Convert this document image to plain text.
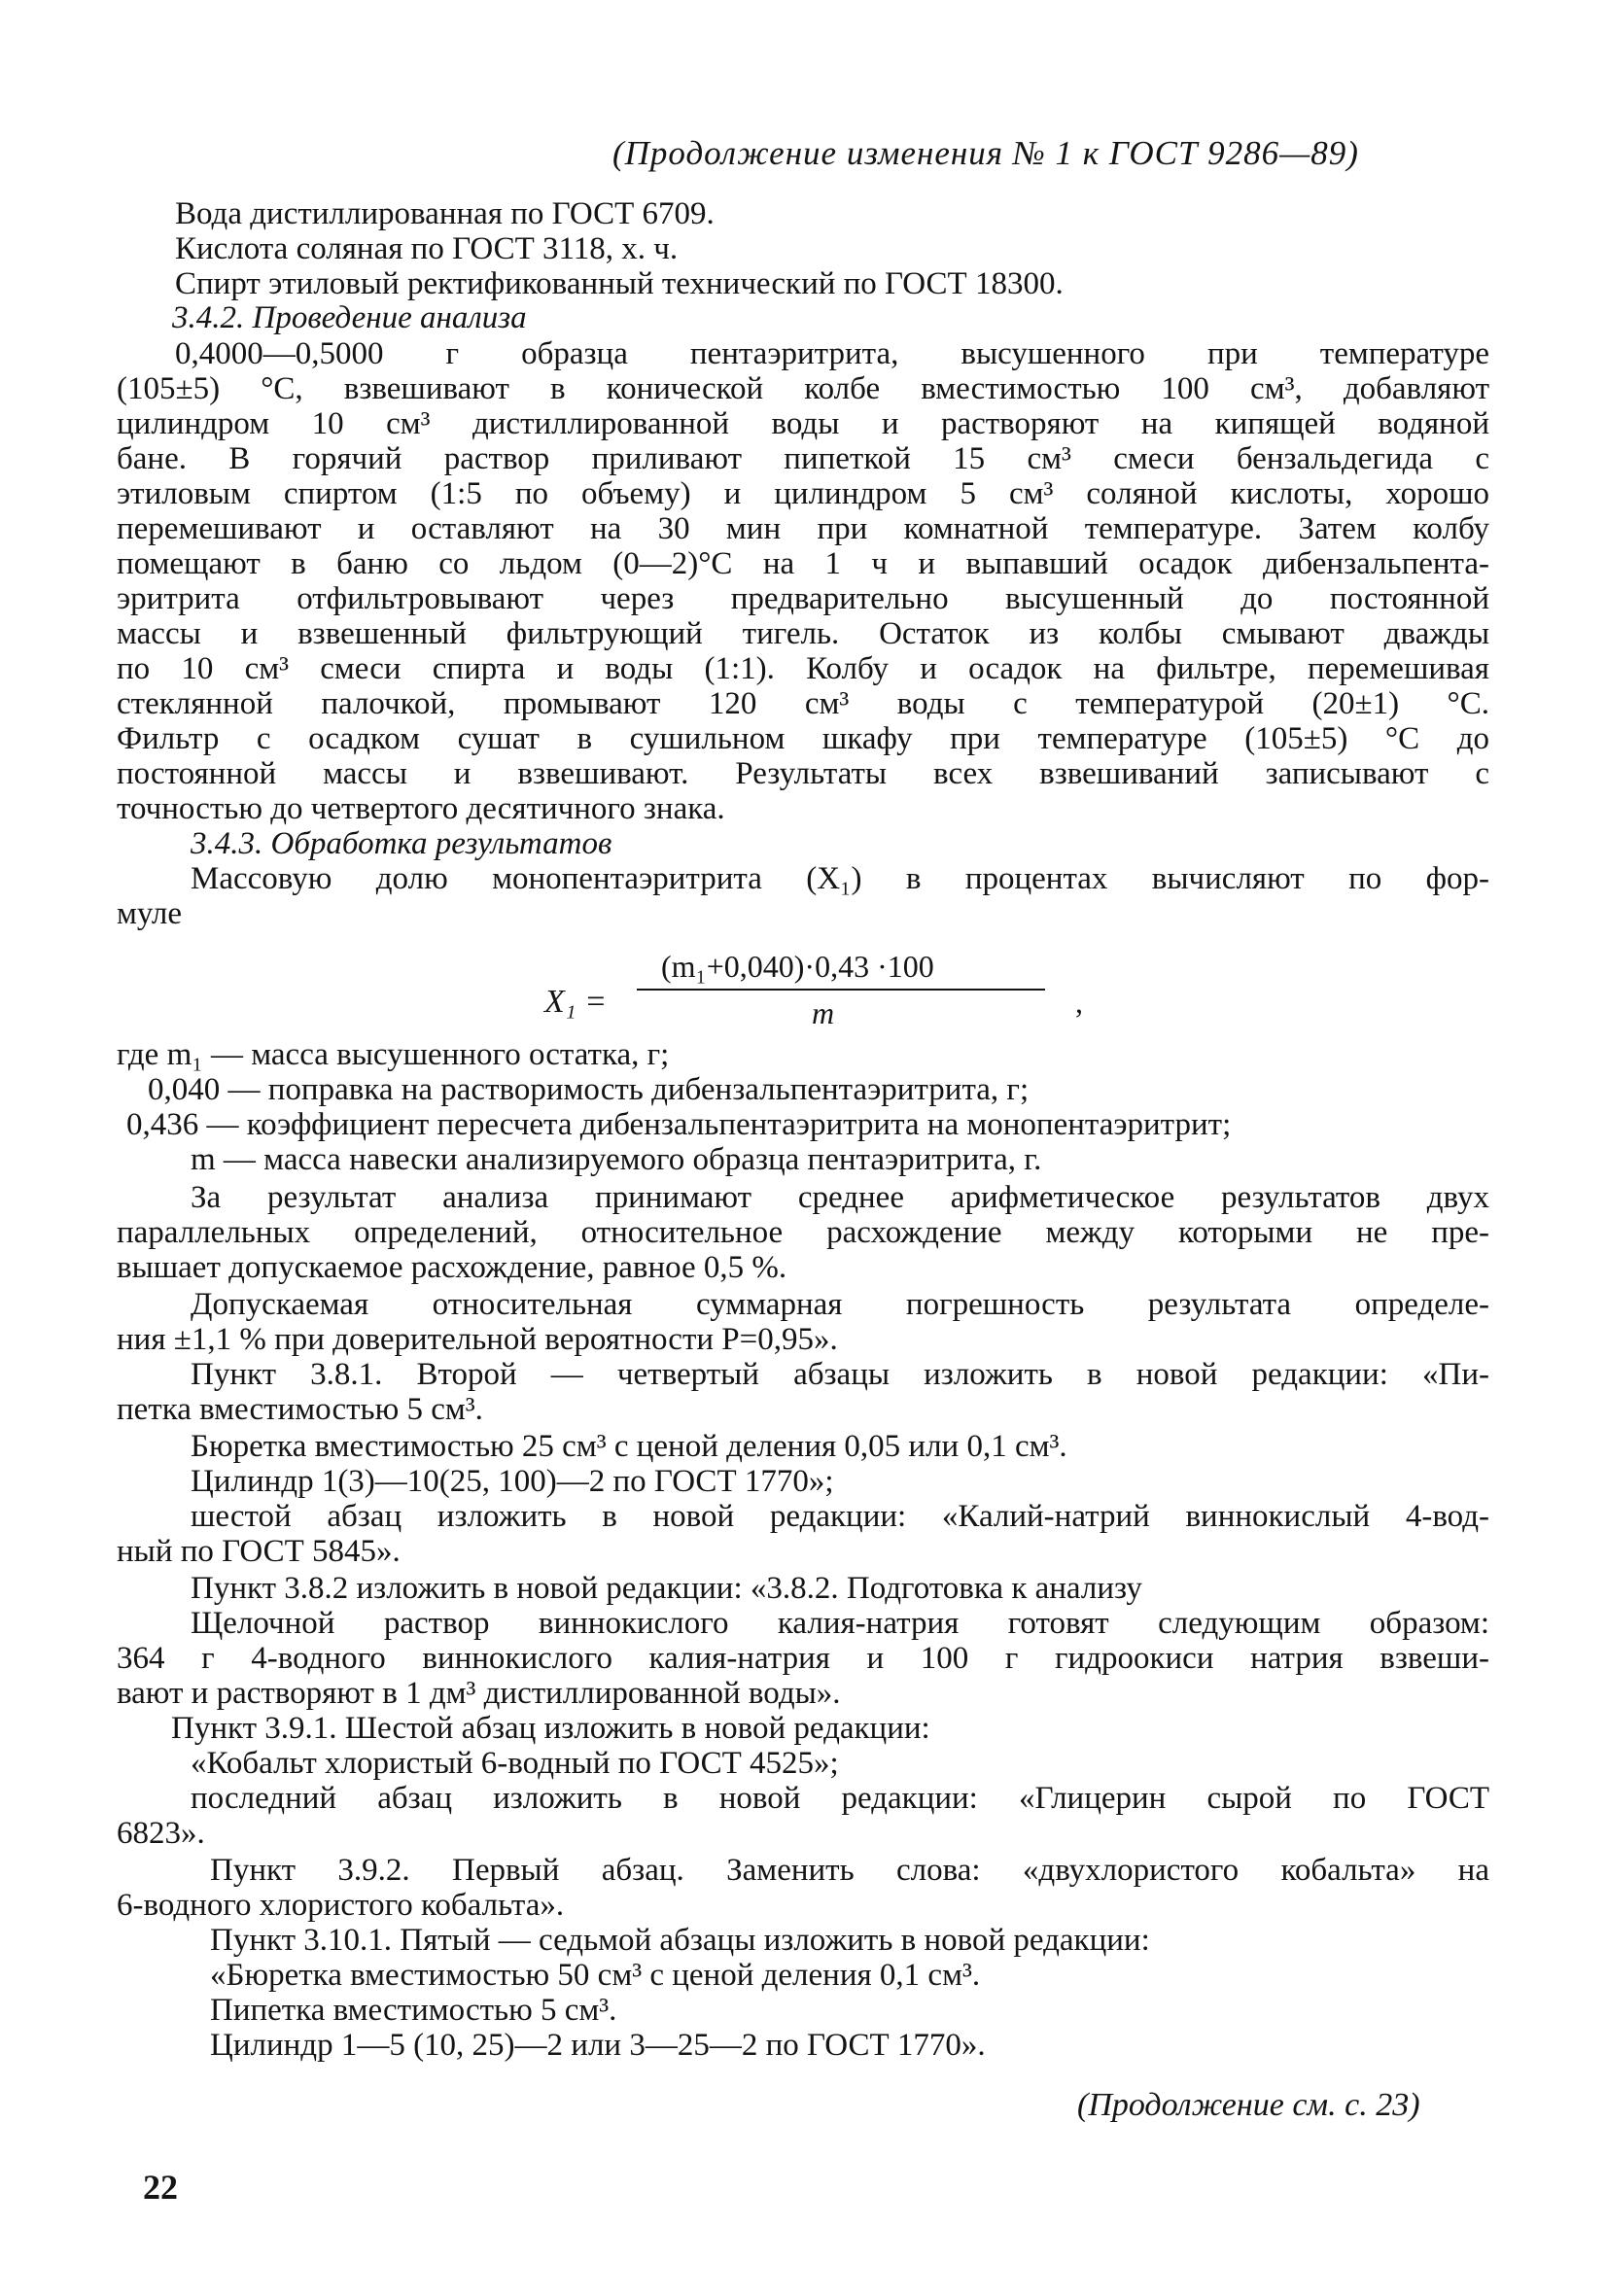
(Продолжение изменения № 1 к ГОСТ 9286—89)
Вода дистиллированная по ГОСТ 6709.
Кислота соляная по ГОСТ 3118, х. ч.
Спирт этиловый ректификованный технический по ГОСТ 18300.
3.4.2. Проведение анализа
0,4000—0,5000 г образца пентаэритрита, высушенного при температуре
(105±5) °С, взвешивают в конической колбе вместимостью 100 см³, добавляют
цилиндром 10 см³ дистиллированной воды и растворяют на кипящей водяной
бане. В горячий раствор приливают пипеткой 15 см³ смеси бензальдегида с
этиловым спиртом (1:5 по объему) и цилиндром 5 см³ соляной кислоты, хорошо
перемешивают и оставляют на 30 мин при комнатной температуре. Затем колбу
помещают в баню со льдом (0—2)°С на 1 ч и выпавший осадок дибензальпента-
эритрита отфильтровывают через предварительно высушенный до постоянной
массы и взвешенный фильтрующий тигель. Остаток из колбы смывают дважды
по 10 см³ смеси спирта и воды (1:1). Колбу и осадок на фильтре, перемешивая
стеклянной палочкой, промывают 120 см³ воды с температурой (20±1) °С.
Фильтр с осадком сушат в сушильном шкафу при температуре (105±5) °С до
постоянной массы и взвешивают. Результаты всех взвешиваний записывают с
точностью до четвертого десятичного знака.
3.4.3. Обработка результатов
Массовую долю монопентаэритрита (X₁) в процентах вычисляют по фор-
муле
где m₁ — масса высушенного остатка, г;
0,040 — поправка на растворимость дибензальпентаэритрита, г;
0,436 — коэффициент пересчета дибензальпентаэритрита на монопентаэритрит;
m — масса навески анализируемого образца пентаэритрита, г.
За результат анализа принимают среднее арифметическое результатов двух
параллельных определений, относительное расхождение между которыми не пре-
вышает допускаемое расхождение, равное 0,5 %.
Допускаемая относительная суммарная погрешность результата определе-
ния ±1,1 % при доверительной вероятности Р=0,95».
Пункт 3.8.1. Второй — четвертый абзацы изложить в новой редакции: «Пи-
петка вместимостью 5 см³.
Бюретка вместимостью 25 см³ с ценой деления 0,05 или 0,1 см³.
Цилиндр 1(3)—10(25, 100)—2 по ГОСТ 1770»;
шестой абзац изложить в новой редакции: «Калий-натрий виннокислый 4-вод-
ный по ГОСТ 5845».
Пункт 3.8.2 изложить в новой редакции: «3.8.2. Подготовка к анализу
Щелочной раствор виннокислого калия-натрия готовят следующим образом:
364 г 4-водного виннокислого калия-натрия и 100 г гидроокиси натрия взвеши-
вают и растворяют в 1 дм³ дистиллированной воды».
Пункт 3.9.1. Шестой абзац изложить в новой редакции:
«Кобальт хлористый 6-водный по ГОСТ 4525»;
последний абзац изложить в новой редакции: «Глицерин сырой по ГОСТ
6823».
Пункт 3.9.2. Первый абзац. Заменить слова: «двухлористого кобальта» на
6-водного хлористого кобальта».
Пункт 3.10.1. Пятый — седьмой абзацы изложить в новой редакции:
«Бюретка вместимостью 50 см³ с ценой деления 0,1 см³.
Пипетка вместимостью 5 см³.
Цилиндр 1—5 (10, 25)—2 или 3—25—2 по ГОСТ 1770».
X₁ =
(m₁+0,040)·0,43 ·100
m	,
(Продолжение см. с. 23)
22
